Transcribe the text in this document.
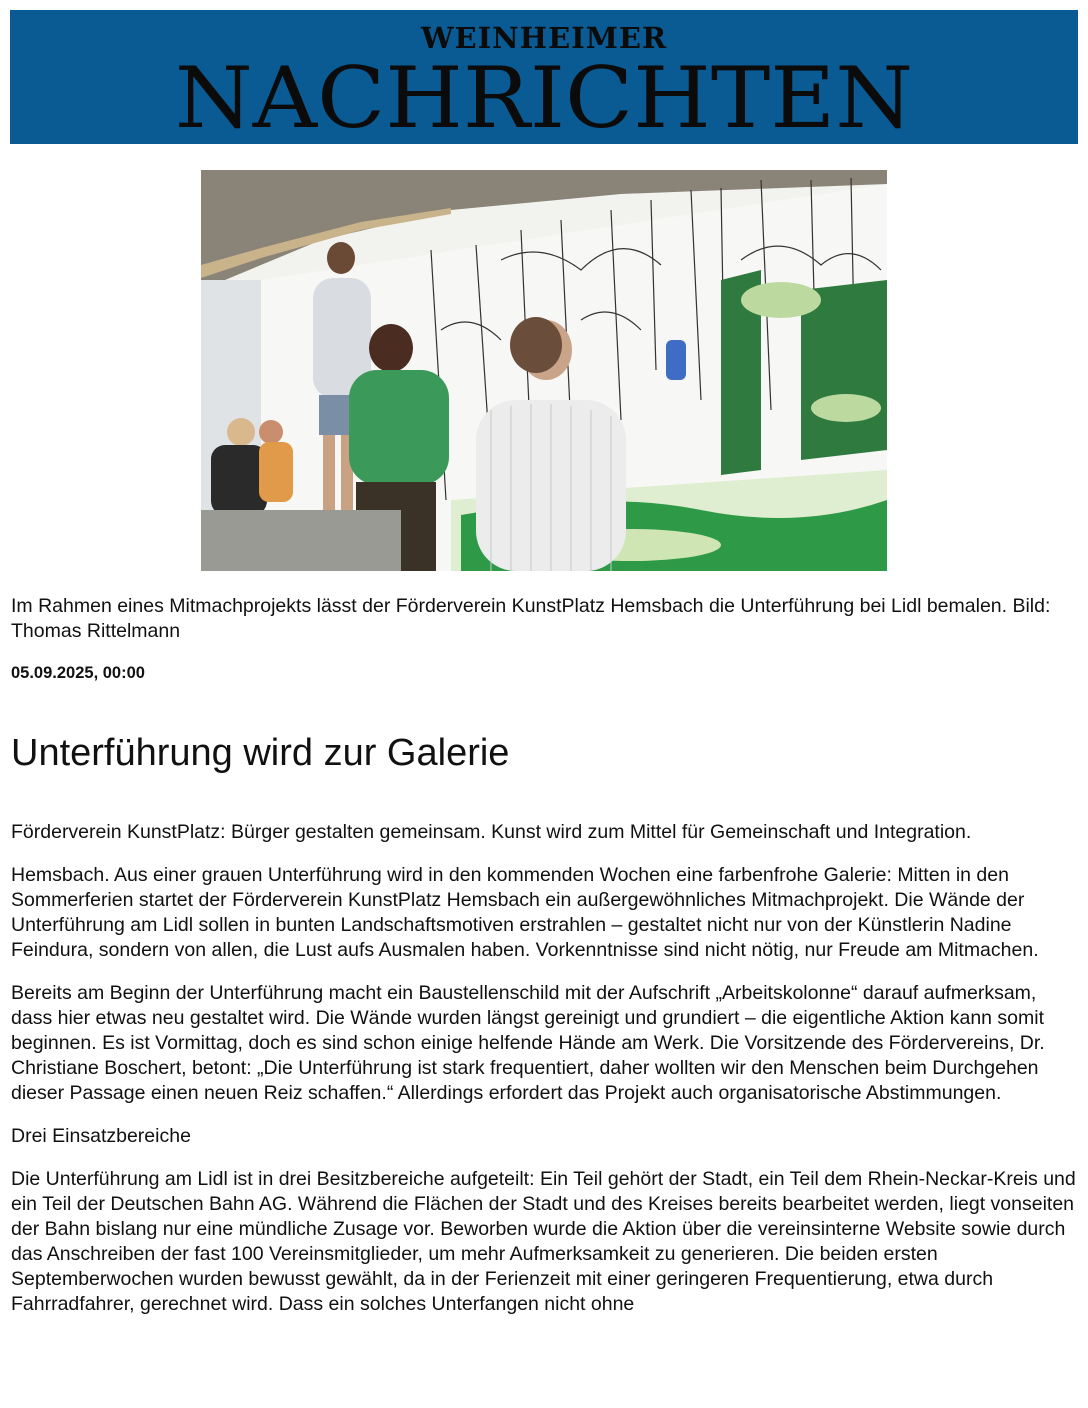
WEINHEIMER
NACHRICHTEN
Im Rahmen eines Mitmachprojekts lässt der Förderverein KunstPlatz Hemsbach die Unterführung bei Lidl bemalen. Bild: Thomas Rittelmann
05.09.2025, 00:00
Unterführung wird zur Galerie

Förderverein KunstPlatz: Bürger gestalten gemeinsam. Kunst wird zum Mittel für Gemeinschaft und Integration.

Hemsbach. Aus einer grauen Unterführung wird in den kommenden Wochen eine farbenfrohe Galerie: Mitten in den Sommerferien startet der Förderverein KunstPlatz Hemsbach ein außergewöhnliches Mitmachprojekt. Die Wände der Unterführung am Lidl sollen in bunten Landschaftsmotiven erstrahlen – gestaltet nicht nur von der Künstlerin Nadine Feindura, sondern von allen, die Lust aufs Ausmalen haben. Vorkenntnisse sind nicht nötig, nur Freude am Mitmachen.

Bereits am Beginn der Unterführung macht ein Baustellenschild mit der Aufschrift „Arbeitskolonne“ darauf aufmerksam, dass hier etwas neu gestaltet wird. Die Wände wurden längst gereinigt und grundiert – die eigentliche Aktion kann somit beginnen. Es ist Vormittag, doch es sind schon einige helfende Hände am Werk. Die Vorsitzende des Fördervereins, Dr. Christiane Boschert, betont: „Die Unterführung ist stark frequentiert, daher wollten wir den Menschen beim Durchgehen dieser Passage einen neuen Reiz schaffen.“ Allerdings erfordert das Projekt auch organisatorische Abstimmungen.

Drei Einsatzbereiche

Die Unterführung am Lidl ist in drei Besitzbereiche aufgeteilt: Ein Teil gehört der Stadt, ein Teil dem Rhein-Neckar-Kreis und ein Teil der Deutschen Bahn AG. Während die Flächen der Stadt und des Kreises bereits bearbeitet werden, liegt vonseiten der Bahn bislang nur eine mündliche Zusage vor. Beworben wurde die Aktion über die vereinsinterne Website sowie durch das Anschreiben der fast 100 Vereinsmitglieder, um mehr Aufmerksamkeit zu generieren. Die beiden ersten Septemberwochen wurden bewusst gewählt, da in der Ferienzeit mit einer geringeren Frequentierung, etwa durch Fahrradfahrer, gerechnet wird. Dass ein solches Unterfangen nicht ohne
